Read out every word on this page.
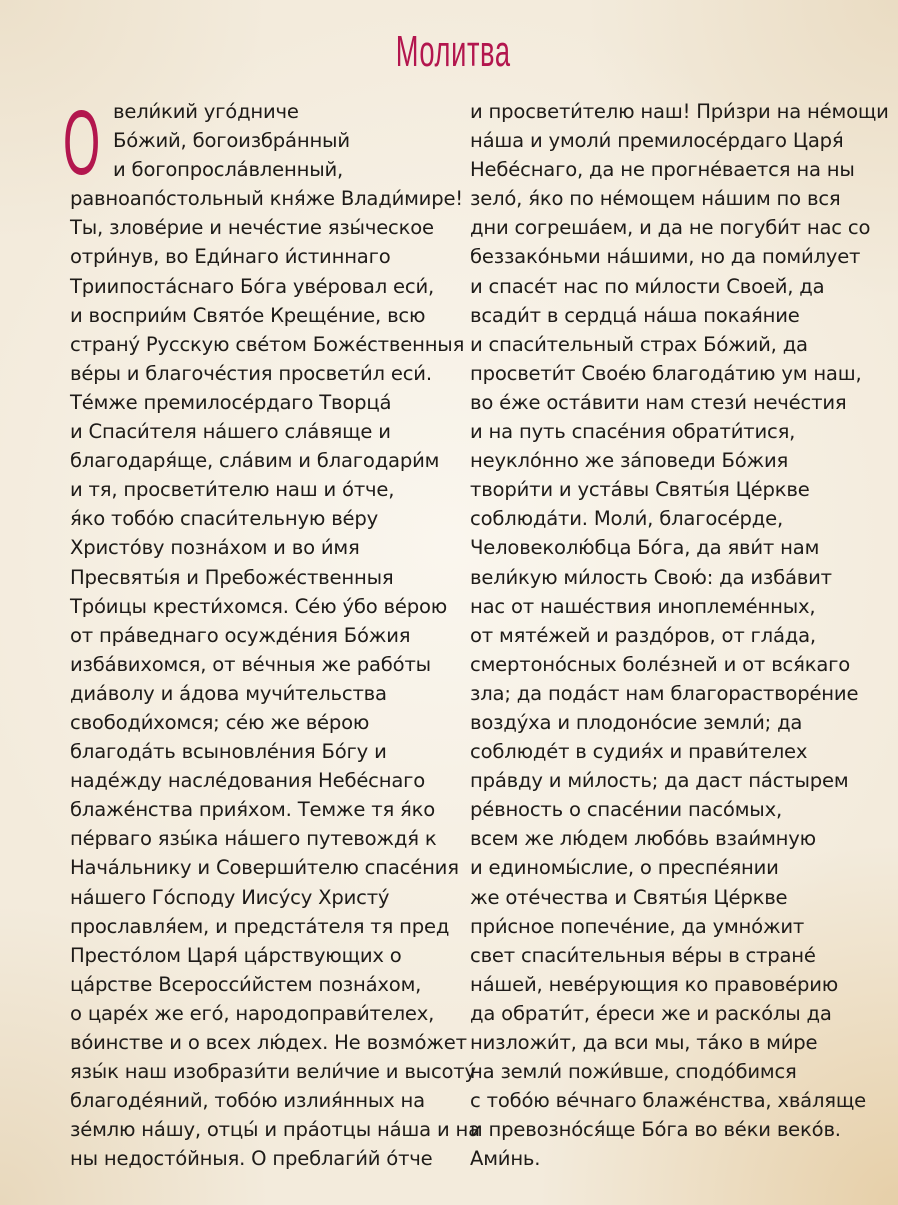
Молитва
О вели́кий уго́дниче
Бо́жий, богоизбра́нный
и богопросла́вленный,
равноапо́стольный кня́же Влади́мире!
Ты, злове́рие и нече́стие язы́ческое
отри́нув, во Еди́наго и́стиннаго
Триипоста́снаго Бо́га уве́ровал еси́,
и восприи́м Свято́е Креще́ние, всю
страну́ Русскую све́том Боже́ственныя
ве́ры и благоче́стия просвети́л еси́.
Те́мже премилосе́рдаго Творца́
и Спаси́теля на́шего сла́вяще и
благодаря́ще, сла́вим и благодари́м
и тя, просвети́телю наш и о́тче,
я́ко тобо́ю спаси́тельную ве́ру
Христо́ву позна́хом и во и́мя
Пресвяты́я и Пребоже́ственныя
Тро́ицы крести́хомся. Се́ю у́бо ве́рою
от пра́веднаго осужде́ния Бо́жия
изба́вихомся, от ве́чныя же рабо́ты
диа́волу и а́дова мучи́тельства
свободи́хомся; се́ю же ве́рою
благода́ть всыновле́ния Бо́гу и
наде́жду насле́дования Небе́снаго
блаже́нства прия́хом. Темже тя я́ко
пе́рваго язы́ка на́шего путевождя́ к
Нача́льнику и Соверши́телю спасе́ния
на́шего Го́споду Иису́су Христу́
прославля́ем, и предста́теля тя пред
Престо́лом Царя́ ца́рствующих о
ца́рстве Всеросси́йстем позна́хом,
о царе́х же его́, народоправи́телех,
во́инстве и о всех лю́дех. Не возмо́жет
язы́к наш изобрази́ти вели́чие и высоту́
благоде́яний, тобо́ю излия́нных на
зе́млю на́шу, отцы́ и пра́отцы на́ша и на
ны недосто́йныя. О преблаги́й о́тче
и просвети́телю наш! При́зри на не́мощи
на́ша и умоли́ премилосе́рдаго Царя́
Небе́снаго, да не прогне́вается на ны
зело́, я́ко по не́мощем на́шим по вся
дни согреша́ем, и да не погуби́т нас со
беззако́ньми на́шими, но да поми́лует
и спасе́т нас по ми́лости Своей́, да
всади́т в сердца́ на́ша покая́ние
и спаси́тельный страх Бо́жий, да
просвети́т Свое́ю благода́тию ум наш,
во е́же оста́вити нам стези́ нече́стия
и на путь спасе́ния обрати́тися,
неукло́нно же за́поведи Бо́жия
твори́ти и уста́вы Святы́я Це́ркве
соблюда́ти. Моли́, благосе́рде,
Человеколю́бца Бо́га, да яви́т нам
вели́кую ми́лость Свою́: да изба́вит
нас от наше́ствия иноплеме́нных,
от мяте́жей и раздо́ров, от гла́да,
смертоно́сных боле́зней и от вся́каго
зла; да пода́ст нам благорастворе́ние
возду́ха и плодоно́сие земли́; да
соблюде́т в судия́х и прави́телех
пра́вду и ми́лость; да даст па́стырем
ре́вность о спасе́нии пасо́мых,
всем же лю́дем любо́вь взаи́мную
и единомы́слие, о преспе́янии
же оте́чества и Святы́я Це́ркве
при́сное попече́ние, да умно́жит
свет спаси́тельныя ве́ры в стране́
на́шей, неве́рующия ко правове́рию
да обрати́т, е́реси же и раско́лы да
низложи́т, да вси мы, та́ко в ми́ре
на земли́ пожи́вше, сподо́бимся
с тобо́ю ве́чнаго блаже́нства, хва́ляще
и превозно́ся́ще Бо́га во ве́ки веко́в.
Ами́нь.
